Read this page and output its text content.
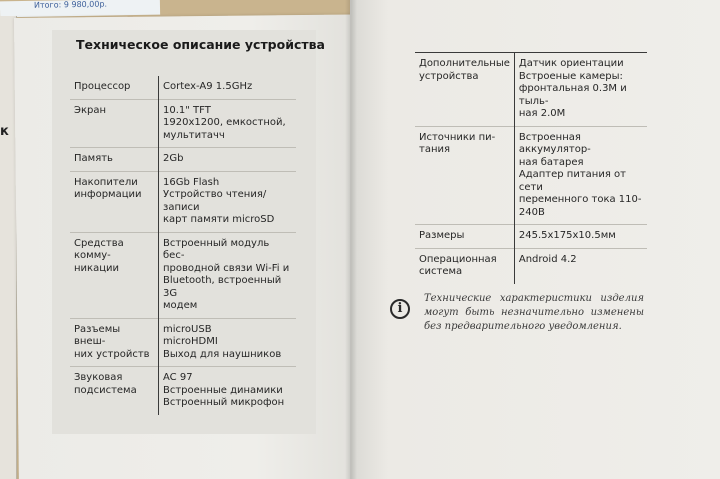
Итого: 9 980,00р.
к
Техническое описание устройства
Процессор	Cortex-A9 1.5GHz
Экран	10.1" TFT
1920x1200, емкостной,
мультитачч
Память	2Gb
Накопители
информации	16Gb Flash
Устройство чтения/записи
карт памяти microSD
Средства комму-
никации	Встроенный модуль бес-
проводной связи Wi-Fi и
Bluetooth, встроенный 3G
модем
Разъемы внеш-
них устройств	microUSB
microHDMI
Выход для наушников
Звуковая
подсистема	AC 97
Встроенные динамики
Встроенный микрофон
Дополнительные
устройства	Датчик ориентации
Встроеные камеры:
фронтальная 0.3M и тыль-
ная 2.0M
Источники пи-
тания	Встроенная аккумулятор-
ная батарея
Адаптер питания от сети
переменного тока 110-
240В
Размеры	245.5x175x10.5мм
Операционная
система	Android 4.2
i
Технические характеристики изделия могут быть незначительно изменены без предварительного уведомления.
